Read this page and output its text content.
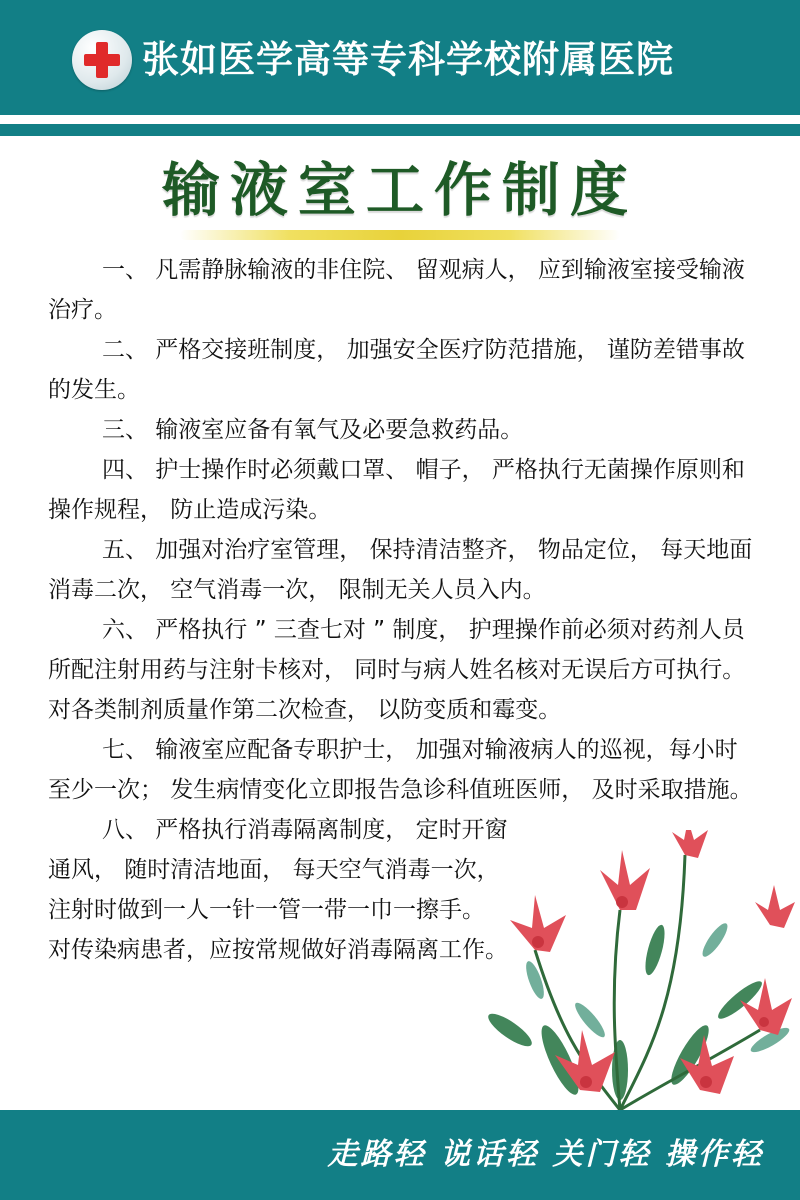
张如医学高等专科学校附属医院
输液室工作制度

一、 凡需静脉输液的非住院、 留观病人， 应到输液室接受输液治疗。

二、 严格交接班制度， 加强安全医疗防范措施， 谨防差错事故的发生。

三、 输液室应备有氧气及必要急救药品。

四、 护士操作时必须戴口罩、 帽子， 严格执行无菌操作原则和操作规程， 防止造成污染。

五、 加强对治疗室管理， 保持清洁整齐， 物品定位， 每天地面消毒二次， 空气消毒一次， 限制无关人员入内。

六、 严格执行 ” 三查七对 ” 制度， 护理操作前必须对药剂人员所配注射用药与注射卡核对， 同时与病人姓名核对无误后方可执行。 对各类制剂质量作第二次检查， 以防变质和霉变。

七、 输液室应配备专职护士， 加强对输液病人的巡视，每小时至少一次； 发生病情变化立即报告急诊科值班医师， 及时采取措施。

八、 严格执行消毒隔离制度， 定时开窗通风， 随时清洁地面， 每天空气消毒一次， 注射时做到一人一针一管一带一巾一擦手。 对传染病患者，应按常规做好消毒隔离工作。

走路轻 说话轻 关门轻 操作轻
